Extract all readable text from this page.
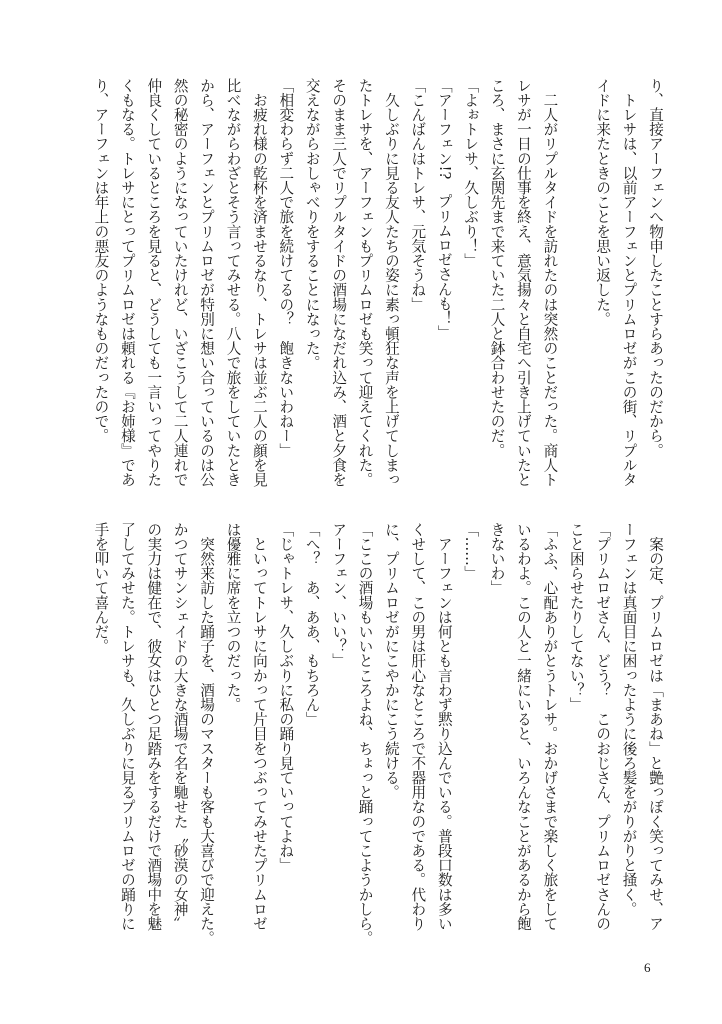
り、直接アーフェンへ物申したことすらあったのだから。
　トレサは、以前アーフェンとプリムロゼがこの街、リプルタ
イドに来たときのことを思い返した。

　二人がリプルタイドを訪れたのは突然のことだった。商人ト
レサが一日の仕事を終え、意気揚々と自宅へ引き上げていたと
ころ、まさに玄関先まで来ていた二人と鉢合わせたのだ。
「よぉトレサ、久しぶり！」
「アーフェン!?　プリムロゼさんも！」
「こんばんはトレサ、元気そうね」
　久しぶりに見る友人たちの姿に素っ頓狂な声を上げてしまっ
たトレサを、アーフェンもプリムロゼも笑って迎えてくれた。
そのまま三人でリプルタイドの酒場になだれ込み、酒と夕食を
交えながらおしゃべりをすることになった。
「相変わらず二人で旅を続けてるの？　飽きないわねー」
　お疲れ様の乾杯を済ませるなり、トレサは並ぶ二人の顔を見
比べながらわざとそう言ってみせる。八人で旅をしていたとき
から、アーフェンとプリムロゼが特別に想い合っているのは公
然の秘密のようになっていたけれど、いざこうして二人連れで
仲良くしているところを見ると、どうしても一言いってやりた
くもなる。トレサにとってプリムロゼは頼れる『お姉様』であ
り、アーフェンは年上の悪友のようなものだったので。
　案の定、プリムロゼは「まあね」と艶っぽく笑ってみせ、ア
ーフェンは真面目に困ったように後ろ髪をがりがりと掻く。
「プリムロゼさん、どう？　このおじさん、プリムロゼさんの
こと困らせたりしてない？」
「ふふ、心配ありがとうトレサ。おかげさまで楽しく旅をして
いるわよ。この人と一緒にいると、いろんなことがあるから飽
きないわ」
「……」
　アーフェンは何とも言わず黙り込んでいる。普段口数は多い
くせして、この男は肝心なところで不器用なのである。代わり
に、プリムロゼがにこやかにこう続ける。
「ここの酒場もいいところよね、ちょっと踊ってこようかしら。
アーフェン、いい？」
「へ？　あ、ああ、もちろん」
「じゃトレサ、久しぶりに私の踊り見ていってよね」
　といってトレサに向かって片目をつぶってみせたプリムロゼ
は優雅に席を立つのだった。
　突然来訪した踊子を、酒場のマスターも客も大喜びで迎えた。
かつてサンシェイドの大きな酒場で名を馳せた〝砂漠の女神〟
の実力は健在で、彼女はひとつ足踏みをするだけで酒場中を魅
了してみせた。トレサも、久しぶりに見るプリムロゼの踊りに
手を叩いて喜んだ。
6
